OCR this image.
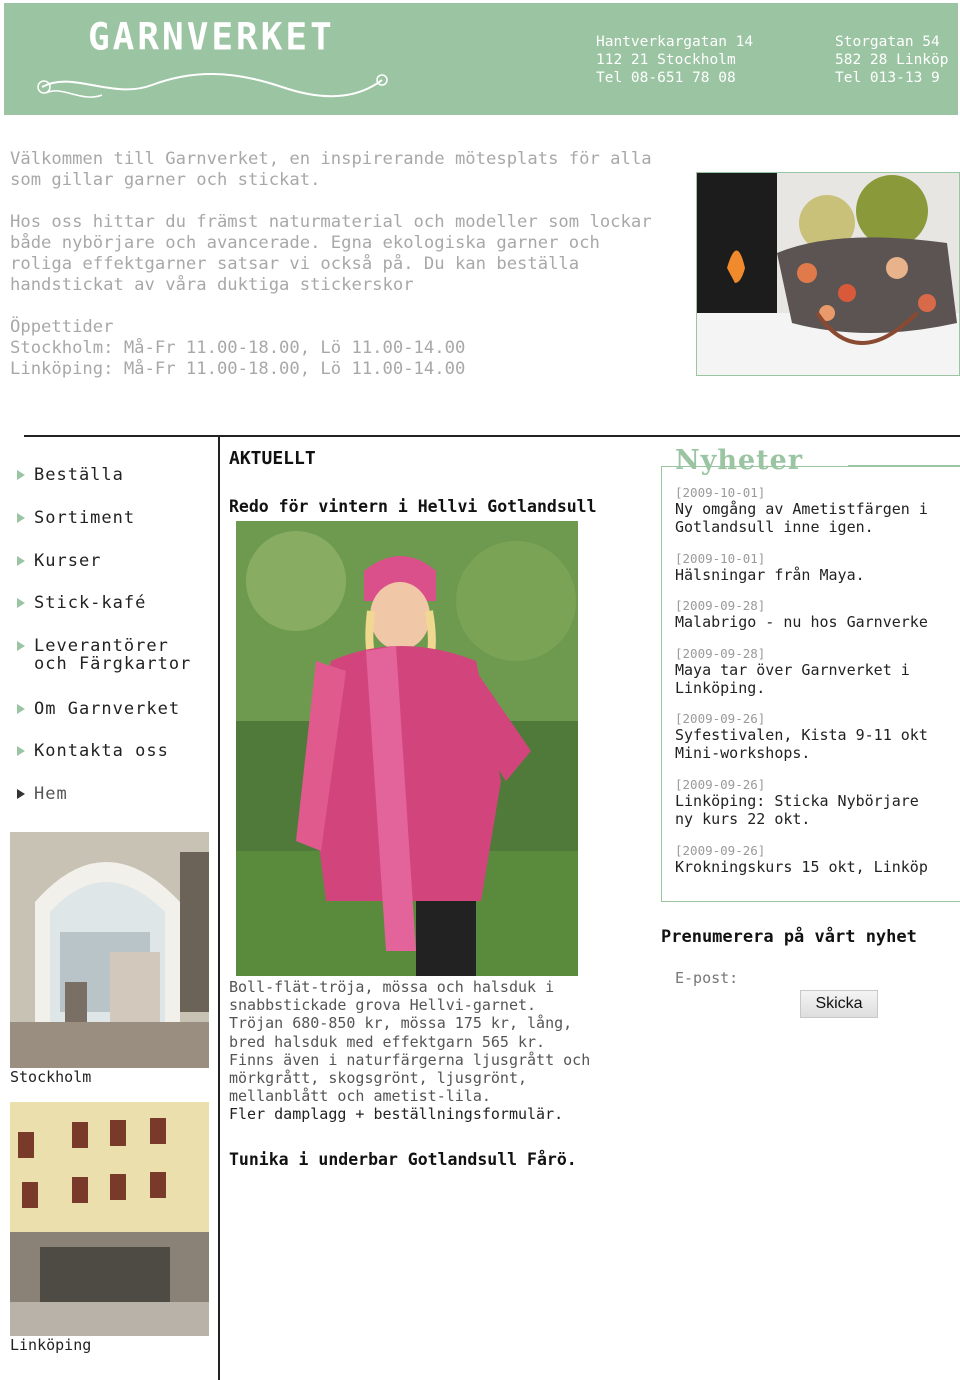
GARNVERKET	Hantverkargatan 14
112 21 Stockholm
Tel 08-651 78 08
Storgatan 54
582 28 Linköp
Tel 013-13 9

Välkommen till Garnverket, en inspirerande mötesplats för alla som gillar garner och stickat.

Hos oss hittar du främst naturmaterial och modeller som lockar både nybörjare och avancerade. Egna ekologiska garner och roliga effektgarner satsar vi också på. Du kan beställa handstickat av våra duktiga stickerskor

Öppettider
Stockholm: Må-Fr 11.00-18.00, Lö 11.00-14.00
Linköping: Må-Fr 11.00-18.00, Lö 11.00-14.00

Beställa
Sortiment
Kurser
Stick-kafé
Leverantörer och Färgkartor
Om Garnverket
Kontakta oss
Hem
Stockholm
Linköping
AKTUELLT
Redo för vintern i Hellvi Gotlandsull
Boll-flät-tröja, mössa och halsduk i
snabbstickade grova Hellvi-garnet.
Tröjan 680-850 kr, mössa 175 kr, lång,
bred halsduk med effektgarn 565 kr.
Finns även i naturfärgerna ljusgrått och
mörkgrått, skogsgrönt, ljusgrönt,
mellanblått och ametist-lila.
Fler damplagg + beställningsformulär.
Tunika i underbar Gotlandsull Fårö.
Nyheter
[2009-10-01]
Ny omgång av Ametistfärgen i
Gotlandsull inne igen.
[2009-10-01]
Hälsningar från Maya.
[2009-09-28]
Malabrigo - nu hos Garnverke
[2009-09-28]
Maya tar över Garnverket i
Linköping.
[2009-09-26]
Syfestivalen, Kista 9-11 okt
Mini-workshops.
[2009-09-26]
Linköping: Sticka Nybörjare
ny kurs 22 okt.
[2009-09-26]
Krokningskurs 15 okt, Linköp
Prenumerera på vårt nyhet
E-post:
Skicka
